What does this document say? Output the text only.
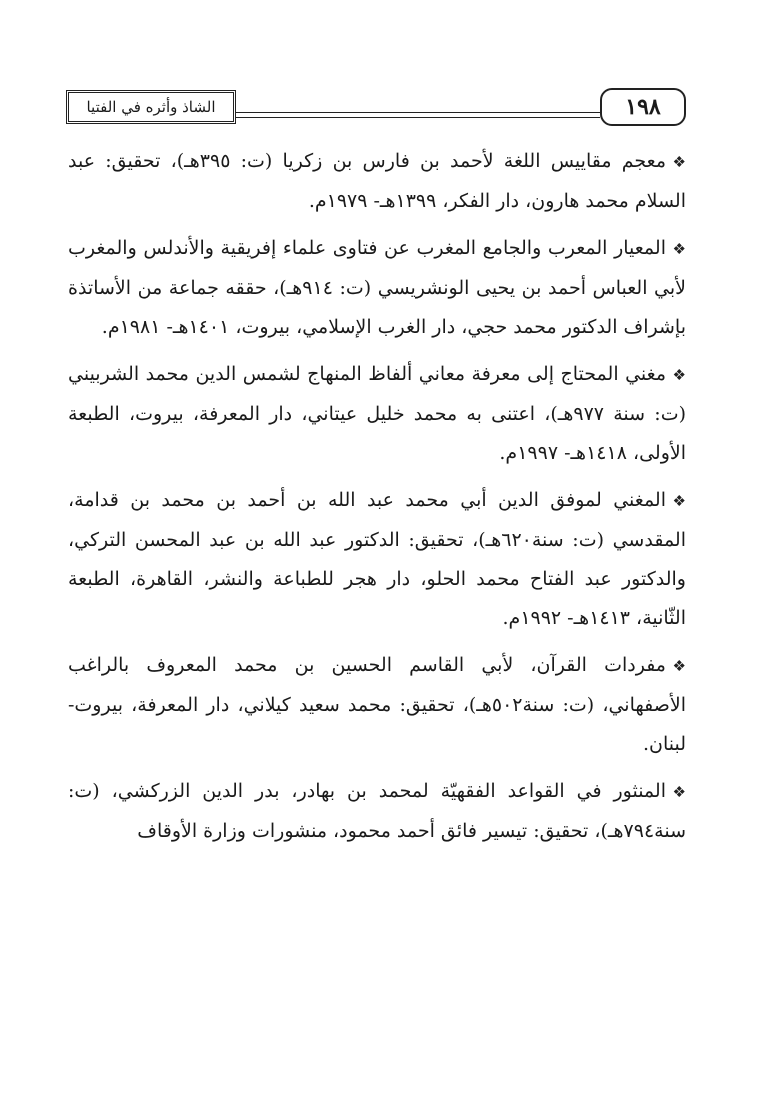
الشاذ وأثره في الفتيا	١٩٨

❖معجم مقاييس اللغة لأحمد بن فارس بن زكريا (ت: ٣٩٥هـ)، تحقيق: عبد السلام محمد هارون، دار الفكر، ١٣٩٩هـ- ١٩٧٩م.

❖المعيار المعرب والجامع المغرب عن فتاوى علماء إفريقية والأندلس والمغرب لأبي العباس أحمد بن يحيى الونشريسي (ت: ٩١٤هـ)، حققه جماعة من الأساتذة بإشراف الدكتور محمد حجي، دار الغرب الإسلامي، بيروت، ١٤٠١هـ- ١٩٨١م.

❖مغني المحتاج إلى معرفة معاني ألفاظ المنهاج لشمس الدين محمد الشربيني (ت: سنة ٩٧٧هـ)، اعتنى به محمد خليل عيتاني، دار المعرفة، بيروت، الطبعة الأولى، ١٤١٨هـ- ١٩٩٧م.

❖المغني لموفق الدين أبي محمد عبد الله بن أحمد بن محمد بن قدامة، المقدسي (ت: سنة٦٢٠هـ)، تحقيق: الدكتور عبد الله بن عبد المحسن التركي، والدكتور عبد الفتاح محمد الحلو، دار هجر للطباعة والنشر، القاهرة، الطبعة الثّانية، ١٤١٣هـ- ١٩٩٢م.

❖مفردات القرآن، لأبي القاسم الحسين بن محمد المعروف بالراغب الأصفهاني، (ت: سنة٥٠٢هـ)، تحقيق: محمد سعيد كيلاني، دار المعرفة، بيروت- لبنان.

❖المنثور في القواعد الفقهيّة لمحمد بن بهادر، بدر الدين الزركشي، (ت: سنة٧٩٤هـ)، تحقيق: تيسير فائق أحمد محمود، منشورات وزارة الأوقاف
